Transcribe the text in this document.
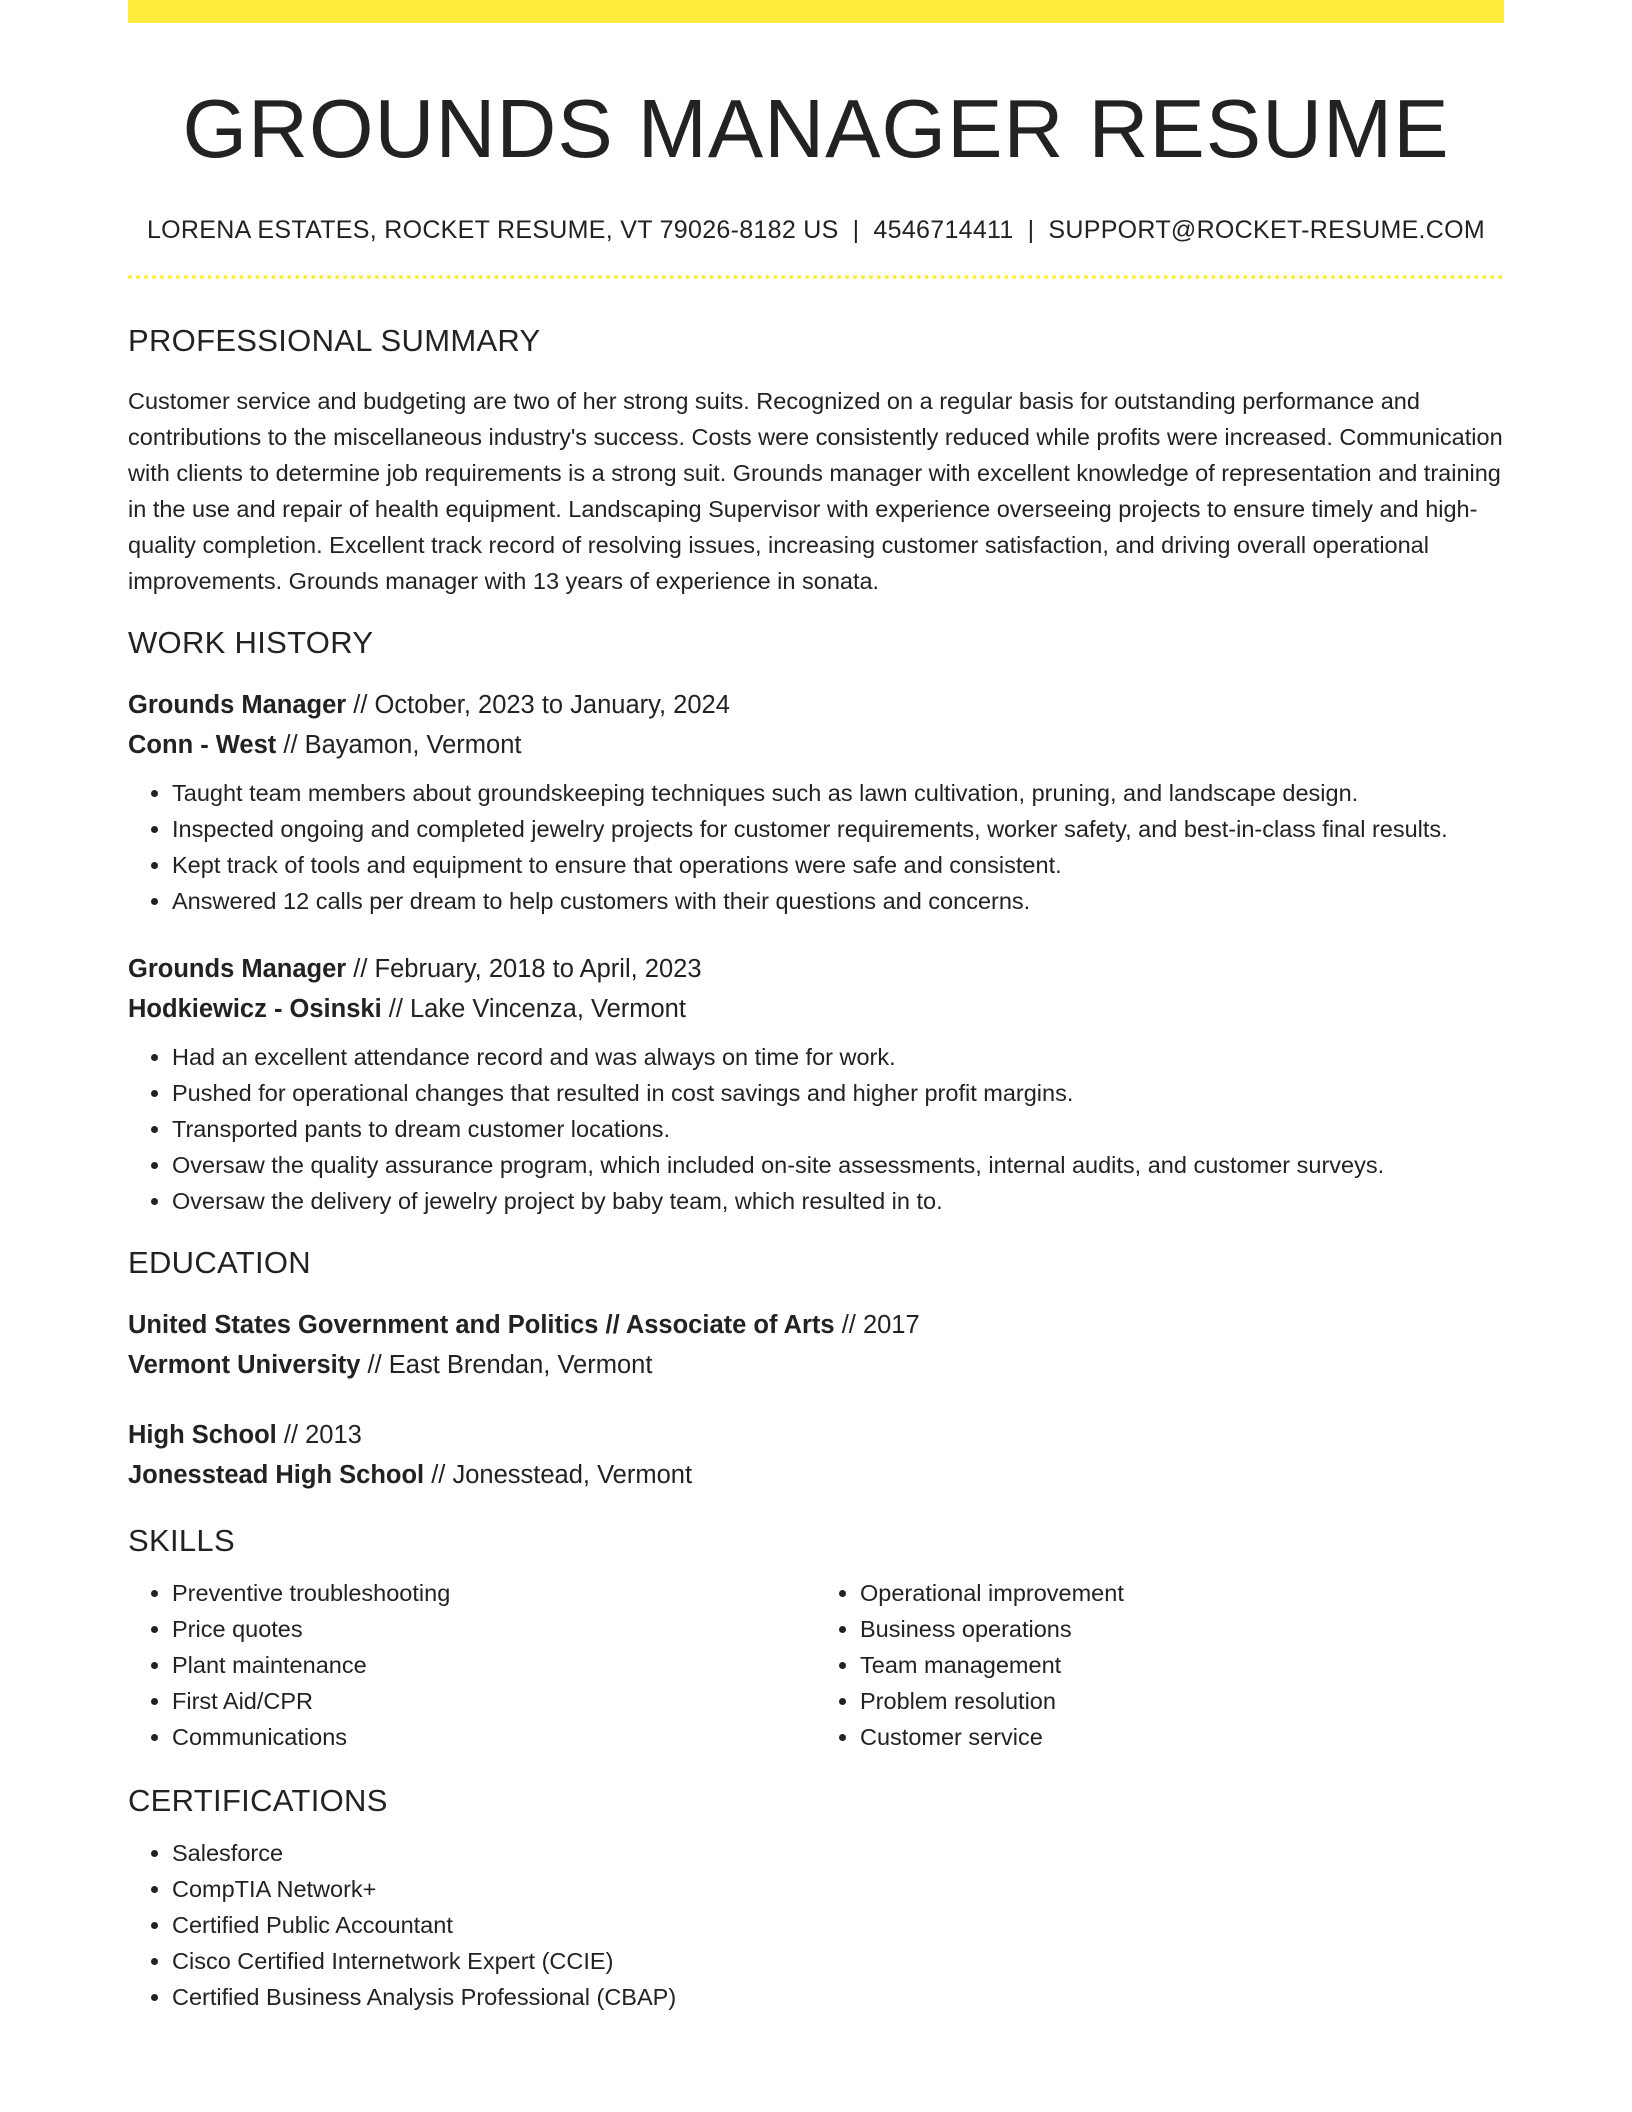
GROUNDS MANAGER RESUME
LORENA ESTATES, ROCKET RESUME, VT 79026-8182 US | 4546714411 | SUPPORT@ROCKET-RESUME.COM
PROFESSIONAL SUMMARY

Customer service and budgeting are two of her strong suits. Recognized on a regular basis for outstanding performance and contributions to the miscellaneous industry's success. Costs were consistently reduced while profits were increased. Communication with clients to determine job requirements is a strong suit. Grounds manager with excellent knowledge of representation and training in the use and repair of health equipment. Landscaping Supervisor with experience overseeing projects to ensure timely and high-quality completion. Excellent track record of resolving issues, increasing customer satisfaction, and driving overall operational improvements. Grounds manager with 13 years of experience in sonata.

WORK HISTORY
Grounds Manager // October, 2023 to January, 2024
Conn - West // Bayamon, Vermont
• Taught team members about groundskeeping techniques such as lawn cultivation, pruning, and landscape design.
• Inspected ongoing and completed jewelry projects for customer requirements, worker safety, and best-in-class final results.
• Kept track of tools and equipment to ensure that operations were safe and consistent.
• Answered 12 calls per dream to help customers with their questions and concerns.
Grounds Manager // February, 2018 to April, 2023
Hodkiewicz - Osinski // Lake Vincenza, Vermont
• Had an excellent attendance record and was always on time for work.
• Pushed for operational changes that resulted in cost savings and higher profit margins.
• Transported pants to dream customer locations.
• Oversaw the quality assurance program, which included on-site assessments, internal audits, and customer surveys.
• Oversaw the delivery of jewelry project by baby team, which resulted in to.
EDUCATION
United States Government and Politics // Associate of Arts // 2017
Vermont University // East Brendan, Vermont
High School // 2013
Jonesstead High School // Jonesstead, Vermont
SKILLS
• Preventive troubleshooting
• Price quotes
• Plant maintenance
• First Aid/CPR
• Communications
• Operational improvement
• Business operations
• Team management
• Problem resolution
• Customer service
CERTIFICATIONS
• Salesforce
• CompTIA Network+
• Certified Public Accountant
• Cisco Certified Internetwork Expert (CCIE)
• Certified Business Analysis Professional (CBAP)
